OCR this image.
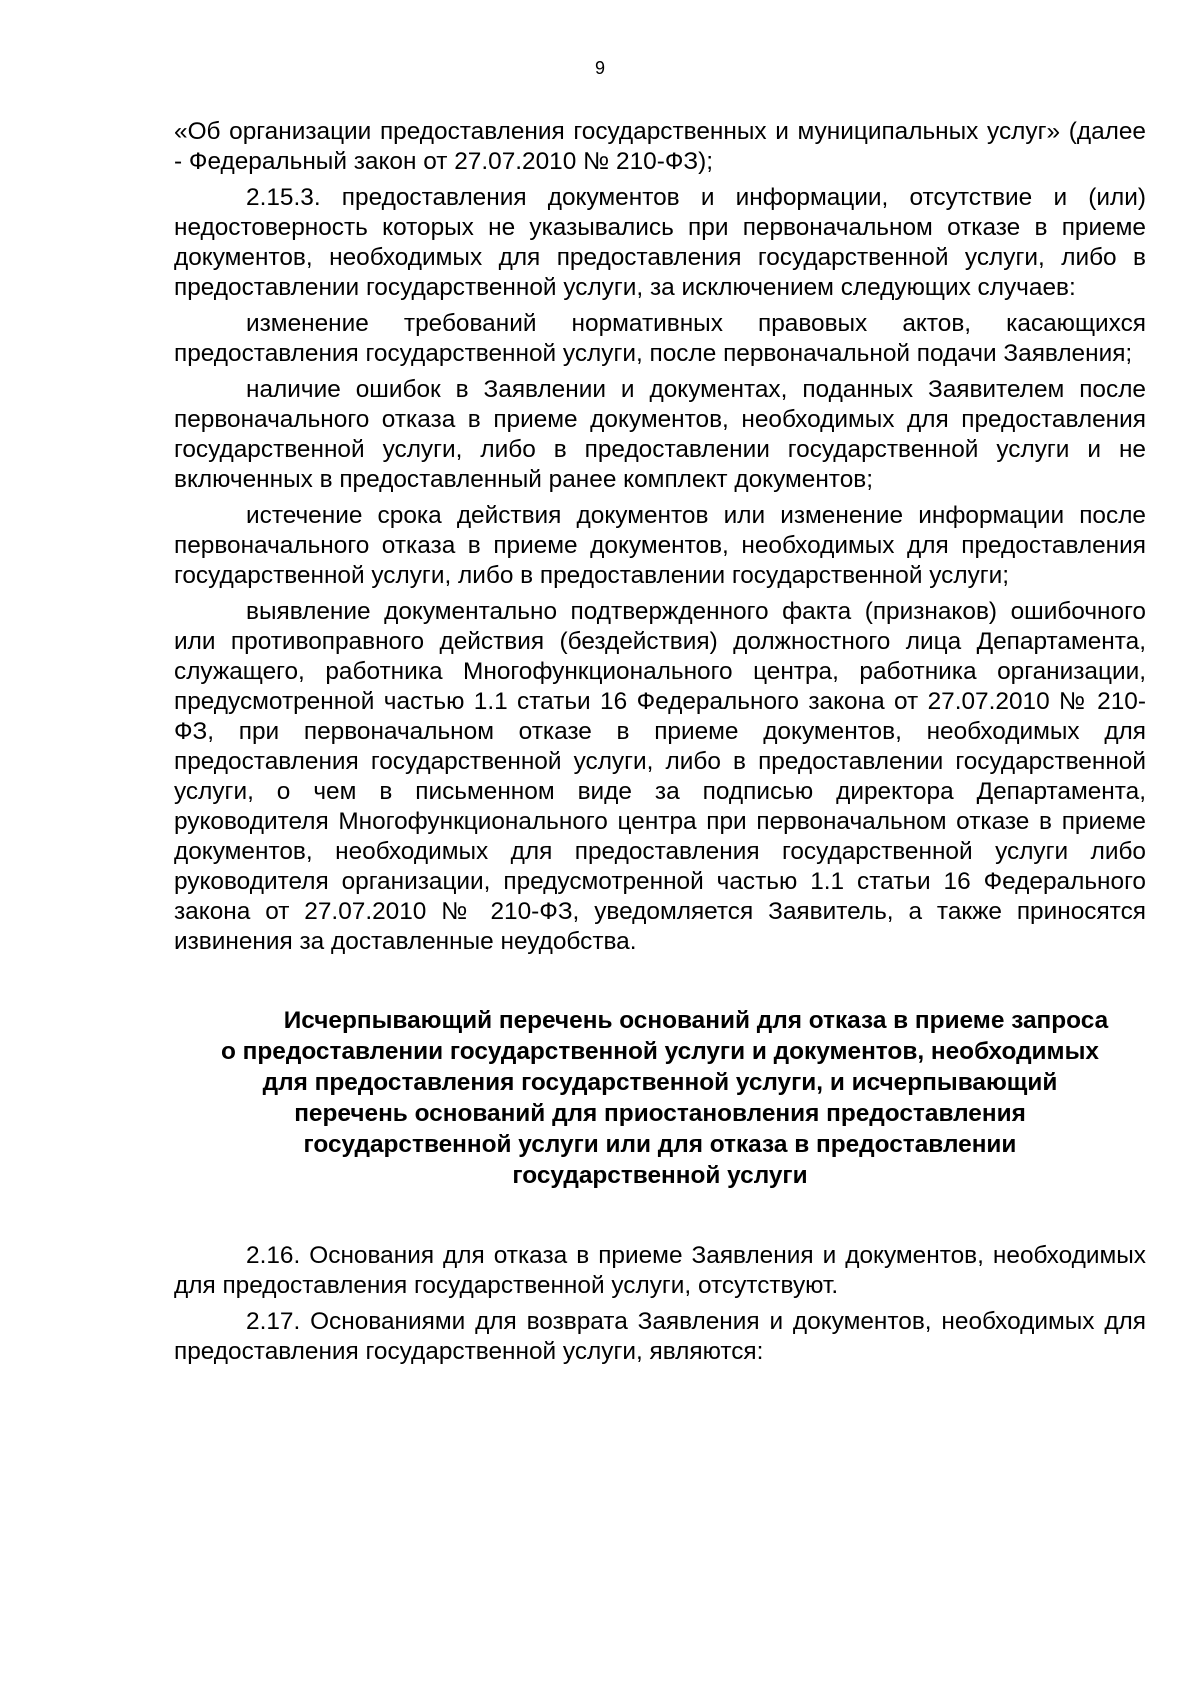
9

«Об организации предоставления государственных и муниципальных услуг» (далее - Федеральный закон от 27.07.2010 № 210-ФЗ);

2.15.3. предоставления документов и информации, отсутствие и (или) недостоверность которых не указывались при первоначальном отказе в приеме документов, необходимых для предоставления государственной услуги, либо в предоставлении государственной услуги, за исключением следующих случаев:

изменение требований нормативных правовых актов, касающихся предоставления государственной услуги, после первоначальной подачи Заявления;

наличие ошибок в Заявлении и документах, поданных Заявителем после первоначального отказа в приеме документов, необходимых для предоставления государственной услуги, либо в предоставлении государственной услуги и не включенных в предоставленный ранее комплект документов;

истечение срока действия документов или изменение информации после первоначального отказа в приеме документов, необходимых для предоставления государственной услуги, либо в предоставлении государственной услуги;

выявление документально подтвержденного факта (признаков) ошибочного или противоправного действия (бездействия) должностного лица Департамента, служащего, работника Многофункционального центра, работника организации, предусмотренной частью 1.1 статьи 16 Федерального закона от 27.07.2010 № 210-ФЗ, при первоначальном отказе в приеме документов, необходимых для предоставления государственной услуги, либо в предоставлении государственной услуги, о чем в письменном виде за подписью директора Департамента, руководителя Многофункционального центра при первоначальном отказе в приеме документов, необходимых для предоставления государственной услуги либо руководителя организации, предусмотренной частью 1.1 статьи 16 Федерального закона от 27.07.2010 № 210-ФЗ, уведомляется Заявитель, а также приносятся извинения за доставленные неудобства.

Исчерпывающий перечень оснований для отказа в приеме запроса
о предоставлении государственной услуги и документов, необходимых
для предоставления государственной услуги, и исчерпывающий
перечень оснований для приостановления предоставления
государственной услуги или для отказа в предоставлении
государственной услуги

2.16. Основания для отказа в приеме Заявления и документов, необходимых для предоставления государственной услуги, отсутствуют.

2.17. Основаниями для возврата Заявления и документов, необходимых для предоставления государственной услуги, являются:
